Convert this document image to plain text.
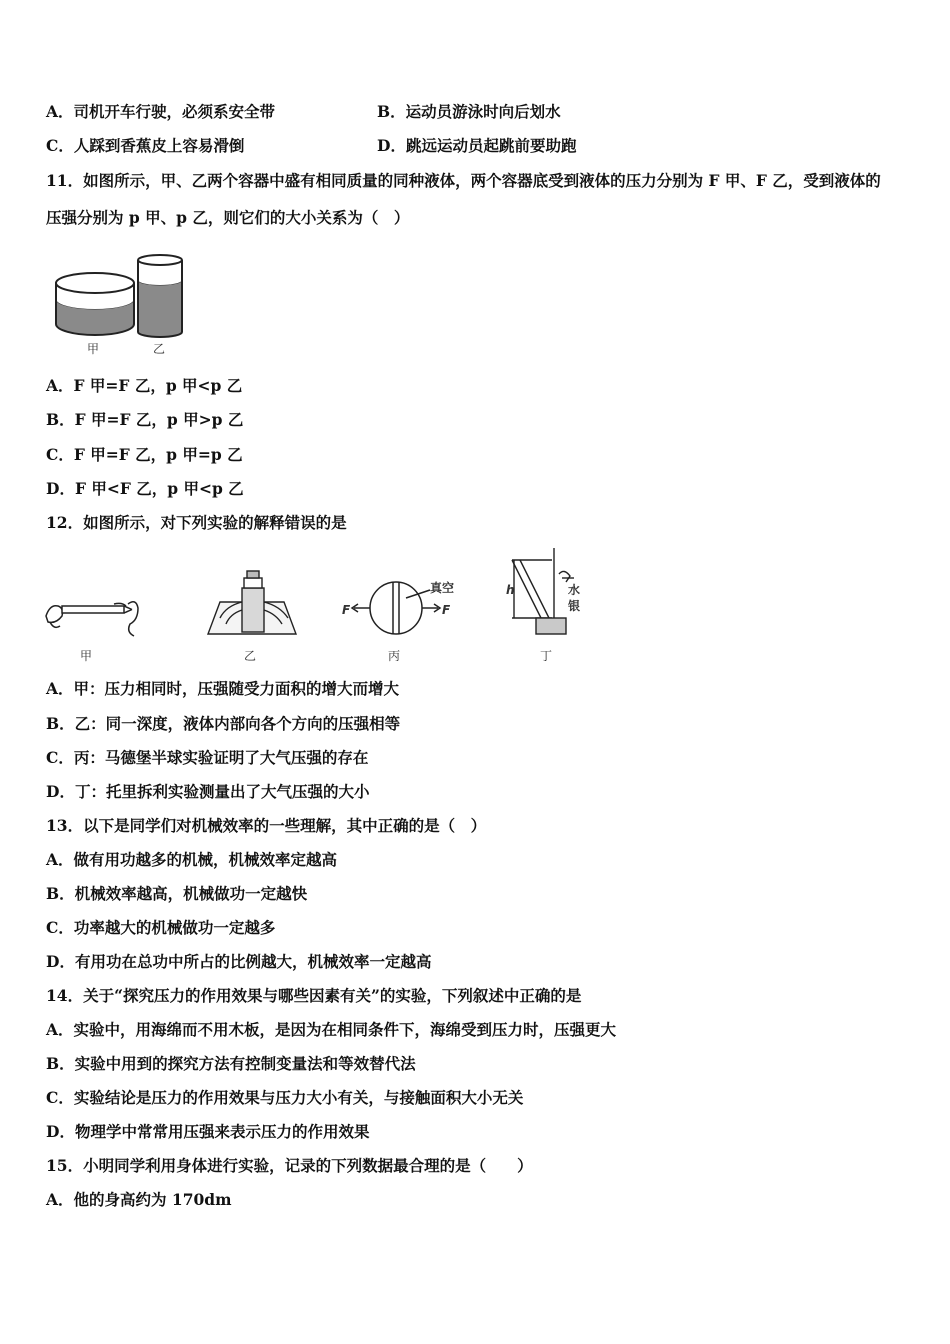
A．司机开车行驶，必须系安全带	B．运动员游泳时向后划水
C．人踩到香蕉皮上容易滑倒	D．跳远运动员起跳前要助跑
11．如图所示，甲、乙两个容器中盛有相同质量的同种液体，两个容器底受到液体的压力分别为 F 甲、F 乙，受到液体的
压强分别为 p 甲、p 乙，则它们的大小关系为（　）
甲	乙
A．F 甲=F 乙，p 甲<p 乙
B．F 甲=F 乙，p 甲>p 乙
C．F 甲=F 乙，p 甲=p 乙
D．F 甲<F 乙，p 甲<p 乙
12．如图所示，对下列实验的解释错误的是
甲	乙
F	F
真空
丙
h	水
银
丁
A．甲：压力相同时，压强随受力面积的增大而增大
B．乙：同一深度，液体内部向各个方向的压强相等
C．丙：马德堡半球实验证明了大气压强的存在
D．丁：托里拆利实验测量出了大气压强的大小
13．以下是同学们对机械效率的一些理解，其中正确的是（　）
A．做有用功越多的机械，机械效率定越高
B．机械效率越高，机械做功一定越快
C．功率越大的机械做功一定越多
D．有用功在总功中所占的比例越大，机械效率一定越高
14．关于“探究压力的作用效果与哪些因素有关”的实验，下列叙述中正确的是
A．实验中，用海绵而不用木板，是因为在相同条件下，海绵受到压力时，压强更大
B．实验中用到的探究方法有控制变量法和等效替代法
C．实验结论是压力的作用效果与压力大小有关，与接触面积大小无关
D．物理学中常常用压强来表示压力的作用效果
15．小明同学利用身体进行实验，记录的下列数据最合理的是（　　）
A．他的身高约为 170dm
